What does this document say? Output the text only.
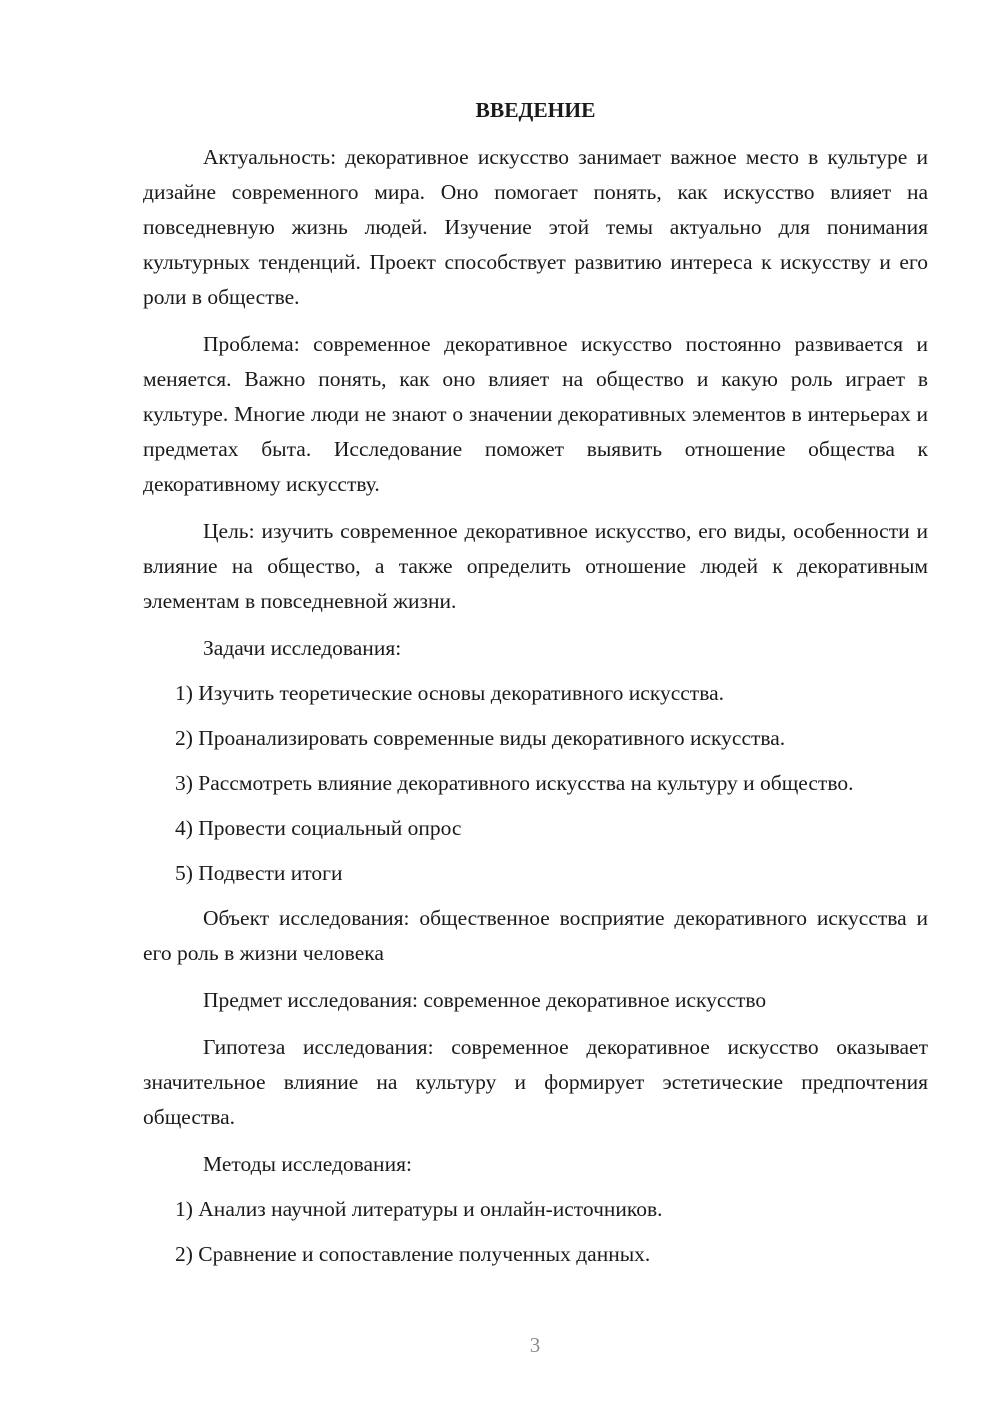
ВВЕДЕНИЕ

Актуальность: декоративное искусство занимает важное место в культуре и дизайне современного мира. Оно помогает понять, как искусство влияет на повседневную жизнь людей. Изучение этой темы актуально для понимания культурных тенденций. Проект способствует развитию интереса к искусству и его роли в обществе.

Проблема: современное декоративное искусство постоянно развивается и меняется. Важно понять, как оно влияет на общество и какую роль играет в культуре. Многие люди не знают о значении декоративных элементов в интерьерах и предметах быта. Исследование поможет выявить отношение общества к декоративному искусству.

Цель: изучить современное декоративное искусство, его виды, особенности и влияние на общество, а также определить отношение людей к декоративным элементам в повседневной жизни.

Задачи исследования:

1) Изучить теоретические основы декоративного искусства.

2) Проанализировать современные виды декоративного искусства.

3) Рассмотреть влияние декоративного искусства на культуру и общество.

4) Провести социальный опрос

5) Подвести итоги

Объект исследования: общественное восприятие декоративного искусства и его роль в жизни человека

Предмет исследования: современное декоративное искусство

Гипотеза исследования: современное декоративное искусство оказывает значительное влияние на культуру и формирует эстетические предпочтения общества.

Методы исследования:

1) Анализ научной литературы и онлайн-источников.

2) Сравнение и сопоставление полученных данных.

3
